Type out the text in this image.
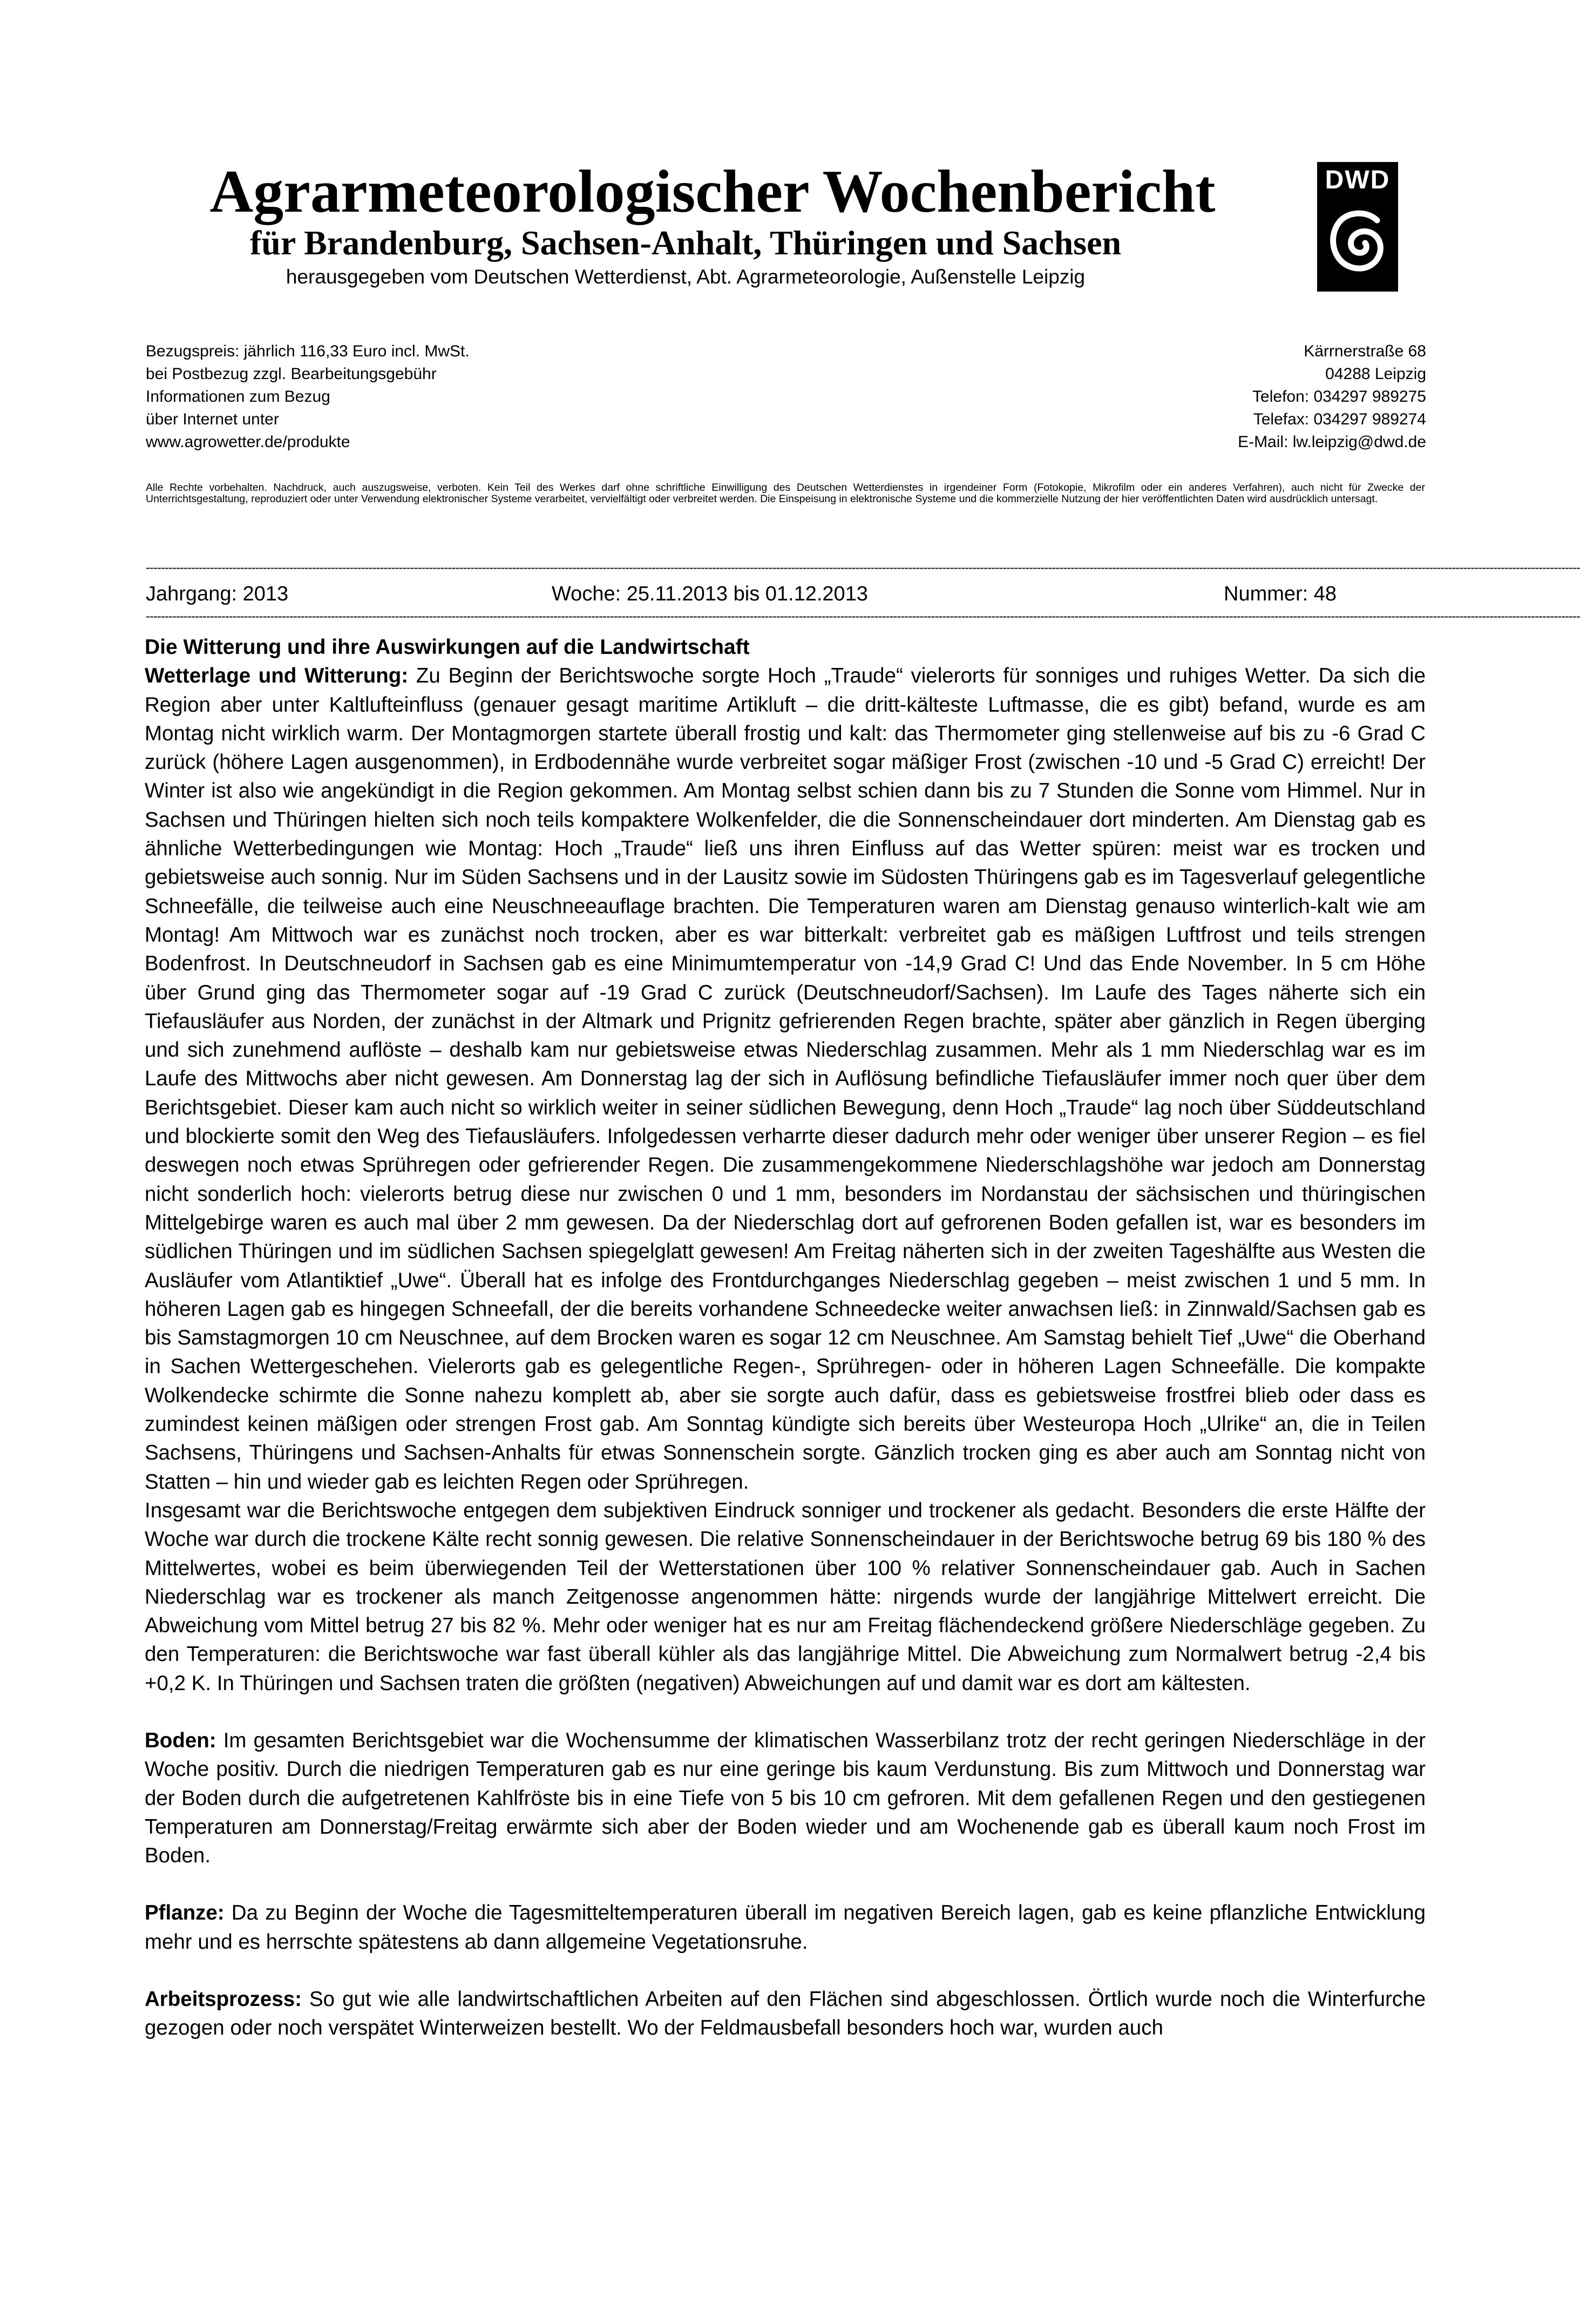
Agrarmeteorologischer Wochenbericht
für Brandenburg, Sachsen-Anhalt, Thüringen und Sachsen
herausgegeben vom Deutschen Wetterdienst, Abt. Agrarmeteorologie, Außenstelle Leipzig
DWD
Bezugspreis: jährlich 116,33 Euro incl. MwSt.
bei Postbezug zzgl. Bearbeitungsgebühr
Informationen zum Bezug
über Internet unter
www.agrowetter.de/produkte
Kärrnerstraße 68
04288 Leipzig
Telefon: 034297 989275
Telefax: 034297 989274
E-Mail: lw.leipzig@dwd.de
Alle Rechte vorbehalten. Nachdruck, auch auszugsweise, verboten. Kein Teil des Werkes darf ohne schriftliche Einwilligung des Deutschen Wetterdienstes in irgendeiner Form (Fotokopie, Mikrofilm oder ein anderes Verfahren), auch nicht für Zwecke der Unterrichtsgestaltung, reproduziert oder unter Verwendung elektronischer Systeme verarbeitet, vervielfältigt oder verbreitet werden. Die Einspeisung in elektronische Systeme und die kommerzielle Nutzung der hier veröffentlichten Daten wird ausdrücklich untersagt.
--------------------------------------------------------------------------------------------------------------------------------------------------------------------------------------------------------------------------------------------------------------------------------------------------------------------------------------------------------------------------------------------
Jahrgang: 2013	Woche: 25.11.2013 bis 01.12.2013	Nummer: 48
--------------------------------------------------------------------------------------------------------------------------------------------------------------------------------------------------------------------------------------------------------------------------------------------------------------------------------------------------------------------------------------------
Die Witterung und ihre Auswirkungen auf die Landwirtschaft

Wetterlage und Witterung: Zu Beginn der Berichtswoche sorgte Hoch „Traude“ vielerorts für sonniges und ruhiges Wetter. Da sich die Region aber unter Kaltlufteinfluss (genauer gesagt maritime Artikluft – die dritt-kälteste Luftmasse, die es gibt) befand, wurde es am Montag nicht wirklich warm. Der Montagmorgen startete überall frostig und kalt: das Thermometer ging stellenweise auf bis zu -6 Grad C zurück (höhere Lagen ausgenommen), in Erdbodennähe wurde verbreitet sogar mäßiger Frost (zwischen -10 und -5 Grad C) erreicht! Der Winter ist also wie angekündigt in die Region gekommen. Am Montag selbst schien dann bis zu 7 Stunden die Sonne vom Himmel. Nur in Sachsen und Thüringen hielten sich noch teils kompaktere Wolkenfelder, die die Sonnenscheindauer dort minderten. Am Dienstag gab es ähnliche Wetterbedingungen wie Montag: Hoch „Traude“ ließ uns ihren Einfluss auf das Wetter spüren: meist war es trocken und gebietsweise auch sonnig. Nur im Süden Sachsens und in der Lausitz sowie im Südosten Thüringens gab es im Tagesverlauf gelegentliche Schneefälle, die teilweise auch eine Neuschneeauflage brachten. Die Temperaturen waren am Dienstag genauso winterlich-kalt wie am Montag! Am Mittwoch war es zunächst noch trocken, aber es war bitterkalt: verbreitet gab es mäßigen Luftfrost und teils strengen Bodenfrost. In Deutschneudorf in Sachsen gab es eine Minimumtemperatur von -14,9 Grad C! Und das Ende November. In 5 cm Höhe über Grund ging das Thermometer sogar auf -19 Grad C zurück (Deutschneudorf/Sachsen). Im Laufe des Tages näherte sich ein Tiefausläufer aus Norden, der zunächst in der Altmark und Prignitz gefrierenden Regen brachte, später aber gänzlich in Regen überging und sich zunehmend auflöste – deshalb kam nur gebietsweise etwas Niederschlag zusammen. Mehr als 1 mm Niederschlag war es im Laufe des Mittwochs aber nicht gewesen. Am Donnerstag lag der sich in Auflösung befindliche Tiefausläufer immer noch quer über dem Berichtsgebiet. Dieser kam auch nicht so wirklich weiter in seiner südlichen Bewegung, denn Hoch „Traude“ lag noch über Süddeutschland und blockierte somit den Weg des Tiefausläufers. Infolgedessen verharrte dieser dadurch mehr oder weniger über unserer Region – es fiel deswegen noch etwas Sprühregen oder gefrierender Regen. Die zusammengekommene Niederschlagshöhe war jedoch am Donnerstag nicht sonderlich hoch: vielerorts betrug diese nur zwischen 0 und 1 mm, besonders im Nordanstau der sächsischen und thüringischen Mittelgebirge waren es auch mal über 2 mm gewesen. Da der Niederschlag dort auf gefrorenen Boden gefallen ist, war es besonders im südlichen Thüringen und im südlichen Sachsen spiegelglatt gewesen! Am Freitag näherten sich in der zweiten Tageshälfte aus Westen die Ausläufer vom Atlantiktief „Uwe“. Überall hat es infolge des Frontdurchganges Niederschlag gegeben – meist zwischen 1 und 5 mm. In höheren Lagen gab es hingegen Schneefall, der die bereits vorhandene Schneedecke weiter anwachsen ließ: in Zinnwald/Sachsen gab es bis Samstagmorgen 10 cm Neuschnee, auf dem Brocken waren es sogar 12 cm Neuschnee. Am Samstag behielt Tief „Uwe“ die Oberhand in Sachen Wettergeschehen. Vielerorts gab es gelegentliche Regen-, Sprühregen- oder in höheren Lagen Schneefälle. Die kompakte Wolkendecke schirmte die Sonne nahezu komplett ab, aber sie sorgte auch dafür, dass es gebietsweise frostfrei blieb oder dass es zumindest keinen mäßigen oder strengen Frost gab. Am Sonntag kündigte sich bereits über Westeuropa Hoch „Ulrike“ an, die in Teilen Sachsens, Thüringens und Sachsen-Anhalts für etwas Sonnenschein sorgte. Gänzlich trocken ging es aber auch am Sonntag nicht von Statten – hin und wieder gab es leichten Regen oder Sprühregen.

Insgesamt war die Berichtswoche entgegen dem subjektiven Eindruck sonniger und trockener als gedacht. Besonders die erste Hälfte der Woche war durch die trockene Kälte recht sonnig gewesen. Die relative Sonnenscheindauer in der Berichtswoche betrug 69 bis 180 % des Mittelwertes, wobei es beim überwiegenden Teil der Wetterstationen über 100 % relativer Sonnenscheindauer gab. Auch in Sachen Niederschlag war es trockener als manch Zeitgenosse angenommen hätte: nirgends wurde der langjährige Mittelwert erreicht. Die Abweichung vom Mittel betrug 27 bis 82 %. Mehr oder weniger hat es nur am Freitag flächendeckend größere Niederschläge gegeben. Zu den Temperaturen: die Berichtswoche war fast überall kühler als das langjährige Mittel. Die Abweichung zum Normalwert betrug -2,4 bis +0,2 K. In Thüringen und Sachsen traten die größten (negativen) Abweichungen auf und damit war es dort am kältesten.

Boden: Im gesamten Berichtsgebiet war die Wochensumme der klimatischen Wasserbilanz trotz der recht geringen Niederschläge in der Woche positiv. Durch die niedrigen Temperaturen gab es nur eine geringe bis kaum Verdunstung. Bis zum Mittwoch und Donnerstag war der Boden durch die aufgetretenen Kahlfröste bis in eine Tiefe von 5 bis 10 cm gefroren. Mit dem gefallenen Regen und den gestiegenen Temperaturen am Donnerstag/Freitag erwärmte sich aber der Boden wieder und am Wochenende gab es überall kaum noch Frost im Boden.

Pflanze: Da zu Beginn der Woche die Tagesmitteltemperaturen überall im negativen Bereich lagen, gab es keine pflanzliche Entwicklung mehr und es herrschte spätestens ab dann allgemeine Vegetationsruhe.

Arbeitsprozess: So gut wie alle landwirtschaftlichen Arbeiten auf den Flächen sind abgeschlossen. Örtlich wurde noch die Winterfurche gezogen oder noch verspätet Winterweizen bestellt. Wo der Feldmausbefall besonders hoch war, wurden auch
